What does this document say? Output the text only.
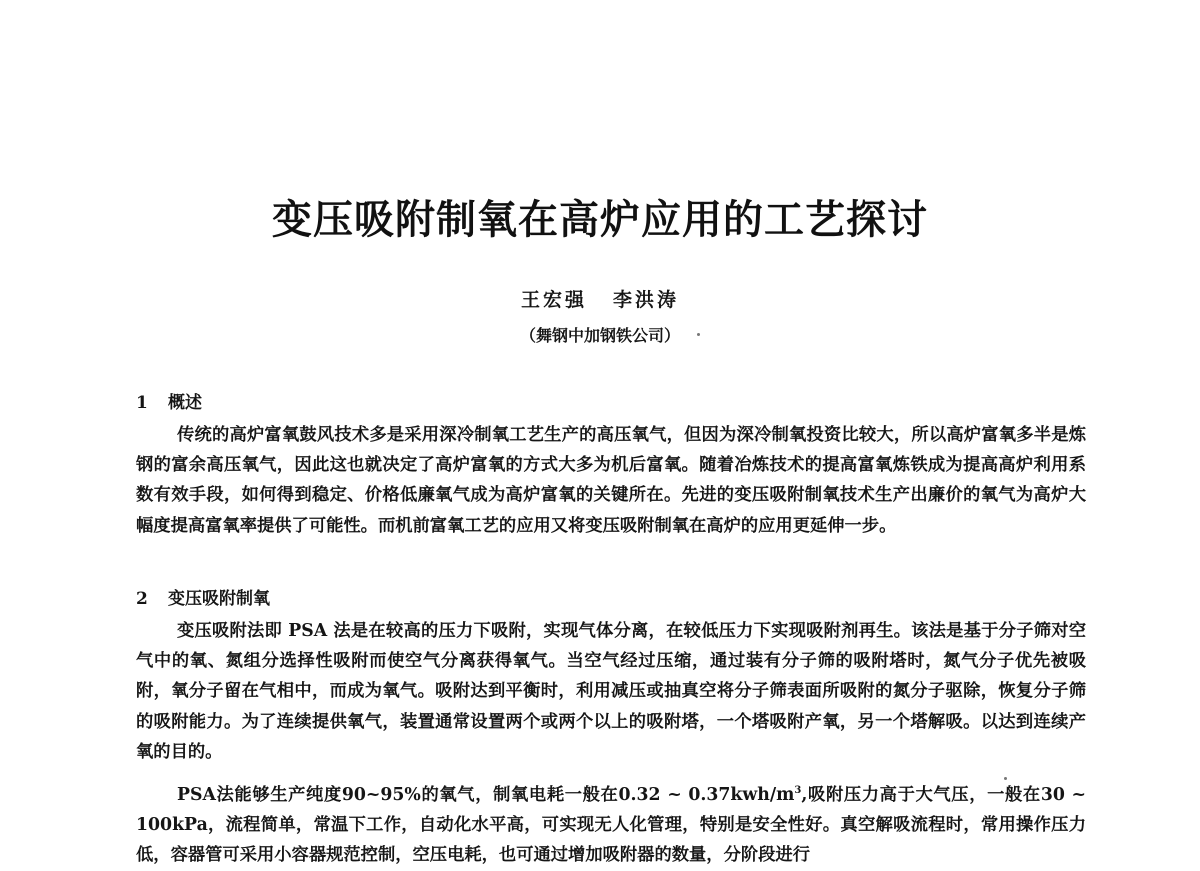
变压吸附制氧在高炉应用的工艺探讨
王宏强 李洪涛
（舞钢中加钢铁公司）
1 概述

传统的高炉富氧鼓风技术多是采用深冷制氧工艺生产的高压氧气，但因为深冷制氧投资比较大，所以高炉富氧多半是炼钢的富余高压氧气，因此这也就决定了高炉富氧的方式大多为机后富氧。随着冶炼技术的提高富氧炼铁成为提高高炉利用系数有效手段，如何得到稳定、价格低廉氧气成为高炉富氧的关键所在。先进的变压吸附制氧技术生产出廉价的氧气为高炉大幅度提高富氧率提供了可能性。而机前富氧工艺的应用又将变压吸附制氧在高炉的应用更延伸一步。

2 变压吸附制氧

变压吸附法即 PSA 法是在较高的压力下吸附，实现气体分离，在较低压力下实现吸附剂再生。该法是基于分子筛对空气中的氧、氮组分选择性吸附而使空气分离获得氧气。当空气经过压缩，通过装有分子筛的吸附塔时，氮气分子优先被吸附，氧分子留在气相中，而成为氧气。吸附达到平衡时，利用减压或抽真空将分子筛表面所吸附的氮分子驱除，恢复分子筛的吸附能力。为了连续提供氧气，装置通常设置两个或两个以上的吸附塔，一个塔吸附产氧，另一个塔解吸。以达到连续产氧的目的。

PSA法能够生产纯度90~95%的氧气，制氧电耗一般在0.32 ~ $0.37kwh/m^3$,吸附压力高于大气压，一般在30 ~ 100kPa，流程简单，常温下工作，自动化水平高，可实现无人化管理，特别是安全性好。真空解吸流程时，常用操作压力低，容器管可采用小容器规范控制，空压电耗，也可通过增加吸附器的数量，分阶段进行
